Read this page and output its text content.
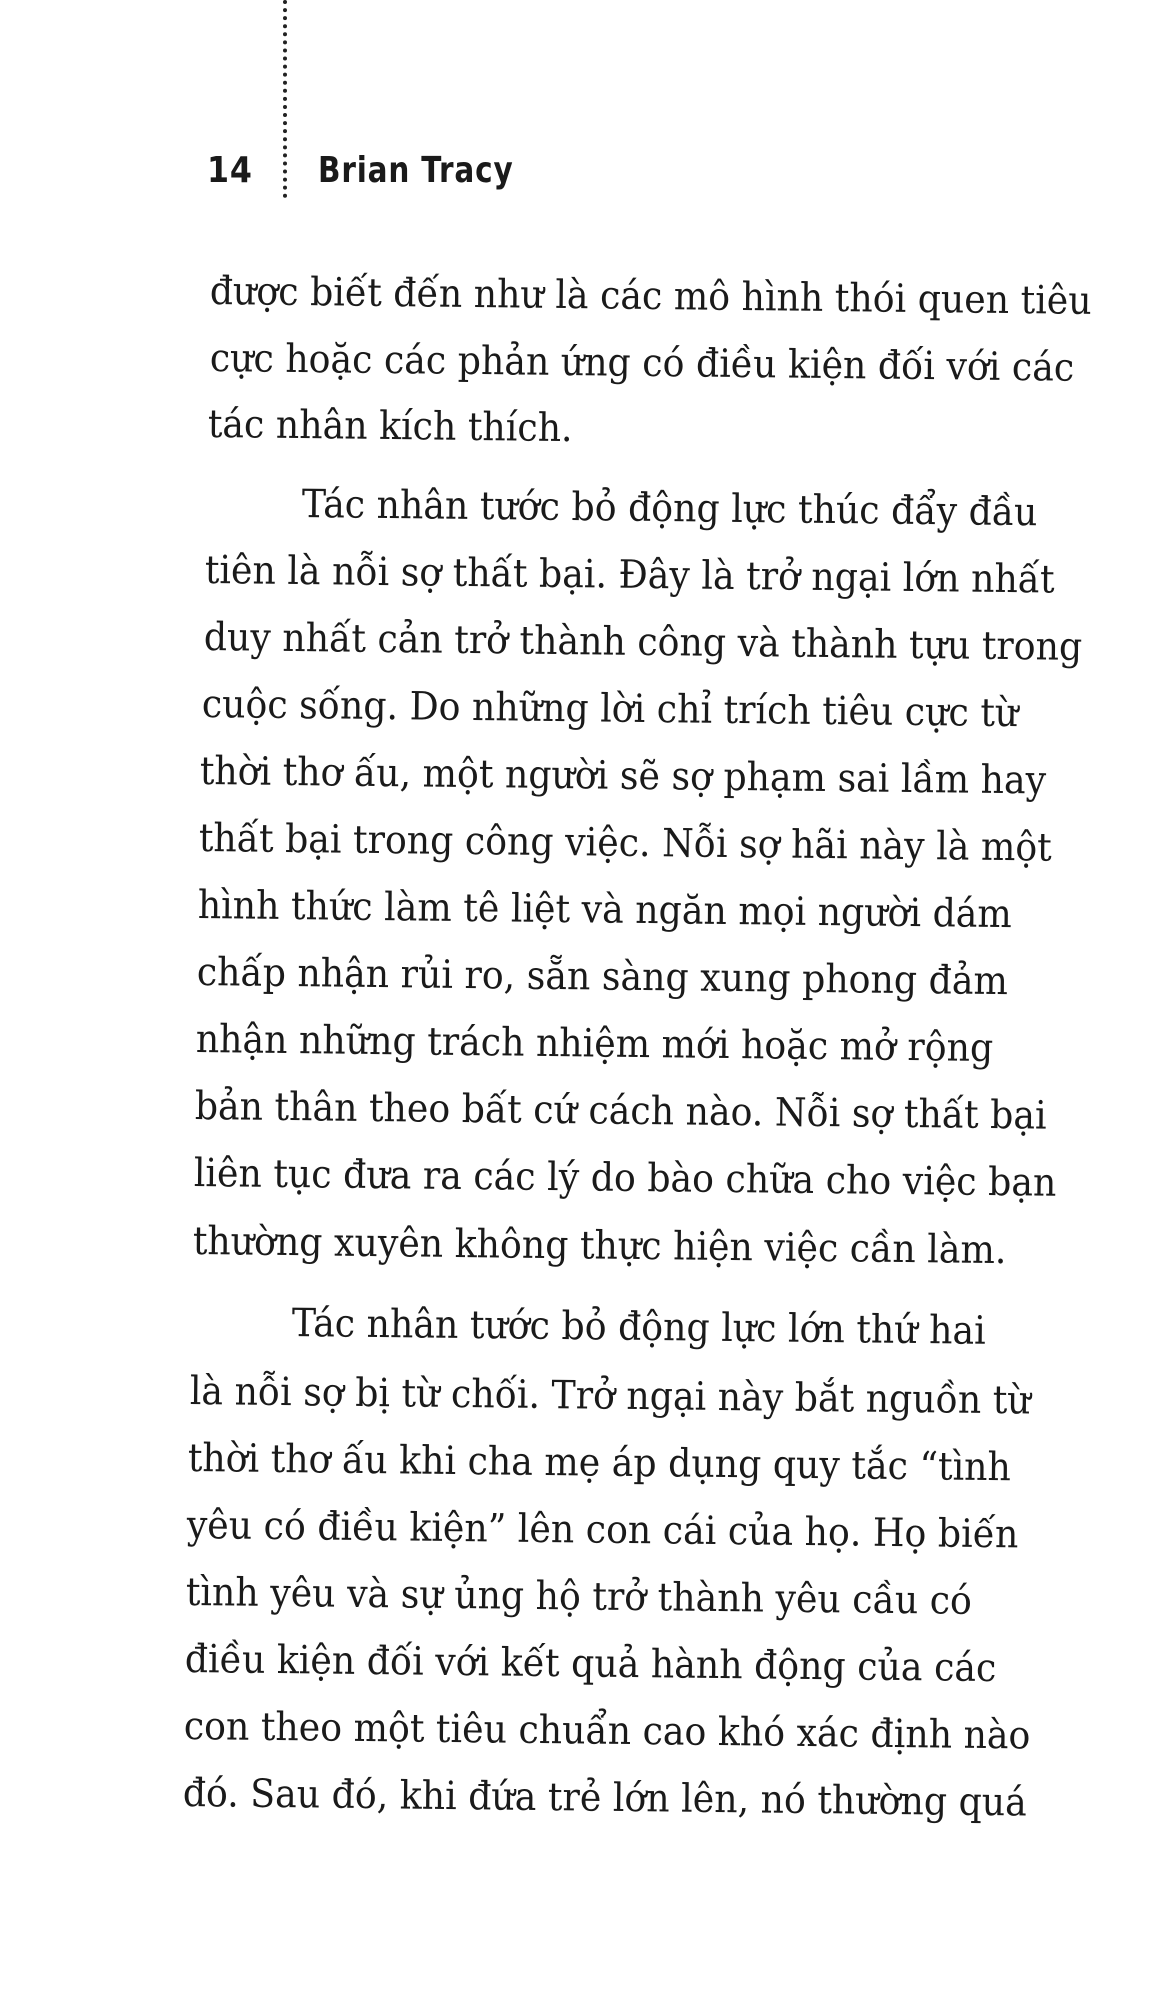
14 Brian Tracy
được biết đến như là các mô hình thói quen tiêu
cực hoặc các phản ứng có điều kiện đối với các
tác nhân kích thích.
Tác nhân tước bỏ động lực thúc đẩy đầu
tiên là nỗi sợ thất bại. Đây là trở ngại lớn nhất
duy nhất cản trở thành công và thành tựu trong
cuộc sống. Do những lời chỉ trích tiêu cực từ
thời thơ ấu, một người sẽ sợ phạm sai lầm hay
thất bại trong công việc. Nỗi sợ hãi này là một
hình thức làm tê liệt và ngăn mọi người dám
chấp nhận rủi ro, sẵn sàng xung phong đảm
nhận những trách nhiệm mới hoặc mở rộng
bản thân theo bất cứ cách nào. Nỗi sợ thất bại
liên tục đưa ra các lý do bào chữa cho việc bạn
thường xuyên không thực hiện việc cần làm.
Tác nhân tước bỏ động lực lớn thứ hai
là nỗi sợ bị từ chối. Trở ngại này bắt nguồn từ
thời thơ ấu khi cha mẹ áp dụng quy tắc “tình
yêu có điều kiện” lên con cái của họ. Họ biến
tình yêu và sự ủng hộ trở thành yêu cầu có
điều kiện đối với kết quả hành động của các
con theo một tiêu chuẩn cao khó xác định nào
đó. Sau đó, khi đứa trẻ lớn lên, nó thường quá
